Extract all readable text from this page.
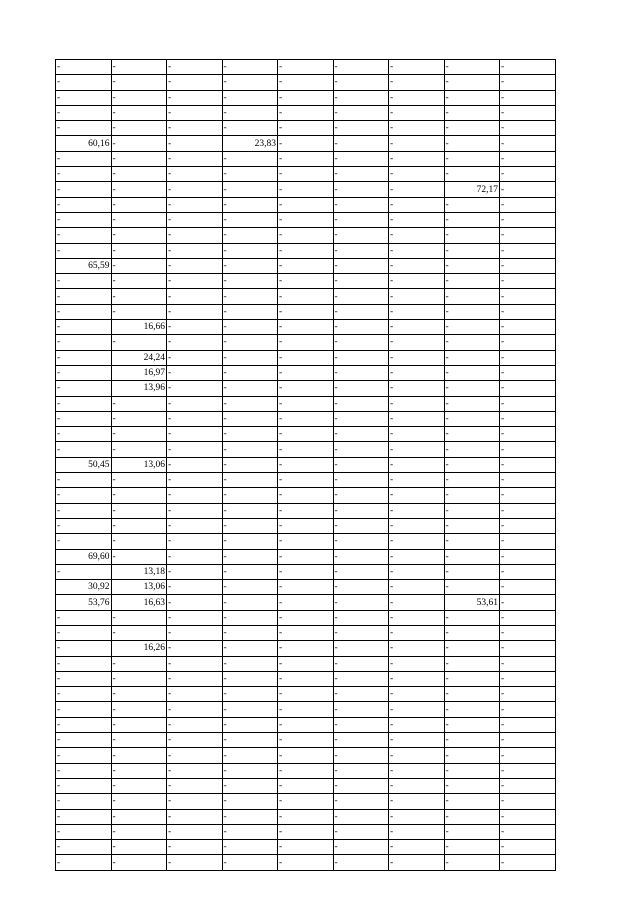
-	-	-	-	-	-	-	-	-
-	-	-	-	-	-	-	-	-
-	-	-	-	-	-	-	-	-
-	-	-	-	-	-	-	-	-
-	-	-	-	-	-	-	-	-
60,16	-	-	23,83	-	-	-	-	-
-	-	-	-	-	-	-	-	-
-	-	-	-	-	-	-	-	-
-	-	-	-	-	-	-	72,17	-
-	-	-	-	-	-	-	-	-
-	-	-	-	-	-	-	-	-
-	-	-	-	-	-	-	-	-
-	-	-	-	-	-	-	-	-
65,59	-	-	-	-	-	-	-	-
-	-	-	-	-	-	-	-	-
-	-	-	-	-	-	-	-	-
-	-	-	-	-	-	-	-	-
-	16,66	-	-	-	-	-	-	-
-	-	-	-	-	-	-	-	-
-	24,24	-	-	-	-	-	-	-
-	16,97	-	-	-	-	-	-	-
-	13,96	-	-	-	-	-	-	-
-	-	-	-	-	-	-	-	-
-	-	-	-	-	-	-	-	-
-	-	-	-	-	-	-	-	-
-	-	-	-	-	-	-	-	-
50,45	13,06	-	-	-	-	-	-	-
-	-	-	-	-	-	-	-	-
-	-	-	-	-	-	-	-	-
-	-	-	-	-	-	-	-	-
-	-	-	-	-	-	-	-	-
-	-	-	-	-	-	-	-	-
69,60	-	-	-	-	-	-	-	-
-	13,18	-	-	-	-	-	-	-
30,92	13,06	-	-	-	-	-	-	-
53,76	16,63	-	-	-	-	-	53,61	-
-	-	-	-	-	-	-	-	-
-	-	-	-	-	-	-	-	-
-	16,26	-	-	-	-	-	-	-
-	-	-	-	-	-	-	-	-
-	-	-	-	-	-	-	-	-
-	-	-	-	-	-	-	-	-
-	-	-	-	-	-	-	-	-
-	-	-	-	-	-	-	-	-
-	-	-	-	-	-	-	-	-
-	-	-	-	-	-	-	-	-
-	-	-	-	-	-	-	-	-
-	-	-	-	-	-	-	-	-
-	-	-	-	-	-	-	-	-
-	-	-	-	-	-	-	-	-
-	-	-	-	-	-	-	-	-
-	-	-	-	-	-	-	-	-
-	-	-	-	-	-	-	-	-
